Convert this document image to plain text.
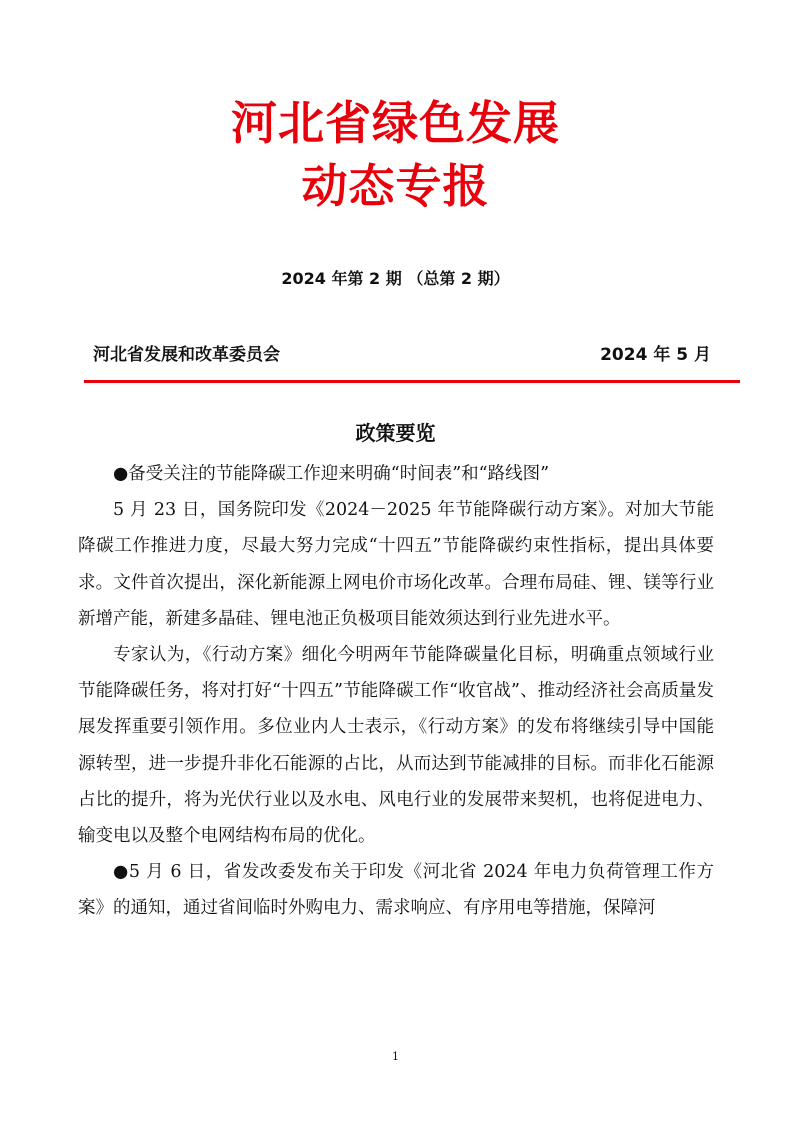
河北省绿色发展
动态专报
2024 年第 2 期 （总第 2 期）
河北省发展和改革委员会	2024 年 5 月
政策要览

●备受关注的节能降碳工作迎来明确“时间表”和“路线图”

5 月 23 日，国务院印发《2024－2025 年节能降碳行动方案》。对加大节能降碳工作推进力度，尽最大努力完成“十四五”节能降碳约束性指标，提出具体要求。文件首次提出，深化新能源上网电价市场化改革。合理布局硅、锂、镁等行业新增产能，新建多晶硅、锂电池正负极项目能效须达到行业先进水平。

专家认为，《行动方案》细化今明两年节能降碳量化目标，明确重点领域行业节能降碳任务，将对打好“十四五”节能降碳工作“收官战”、推动经济社会高质量发展发挥重要引领作用。多位业内人士表示，《行动方案》的发布将继续引导中国能源转型，进一步提升非化石能源的占比，从而达到节能减排的目标。而非化石能源占比的提升，将为光伏行业以及水电、风电行业的发展带来契机，也将促进电力、输变电以及整个电网结构布局的优化。

●5 月 6 日，省发改委发布关于印发《河北省 2024 年电力负荷管理工作方案》的通知，通过省间临时外购电力、需求响应、有序用电等措施，保障河

1
